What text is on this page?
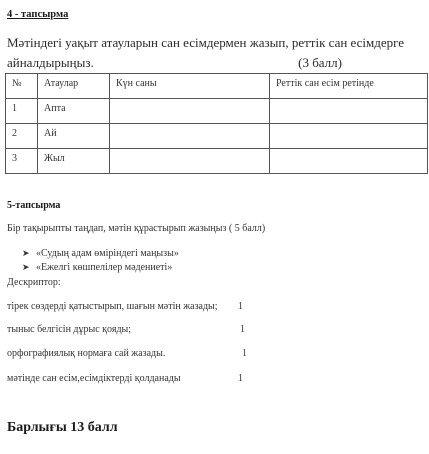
4 - тапсырма
Мәтіндегі уақыт атауларын сан есімдермен жазып, реттік сан есімдерге
айналдырыңыз.	(3 балл)
№	Атаулар	Күн саны	Реттік сан есім ретінде
1	Апта		
2	Ай		
3	Жыл		
5-тапсырма
Бір тақырыпты таңдап, мәтін құрастырып жазыңыз ( 5 балл)
➤ «Судың адам өміріндегі маңызы»
➤ «Ежелгі көшпелілер мәдениеті»
Дескриптор:
тірек сөздерді қатыстырып, шағын мәтін жазады; 1
тыныс белгісін дұрыс қояды;	1
орфографиялық нормаға сай жазады.	1
мәтінде сан есім,есімдіктерді қолданады	1
Барлығы 13 балл
